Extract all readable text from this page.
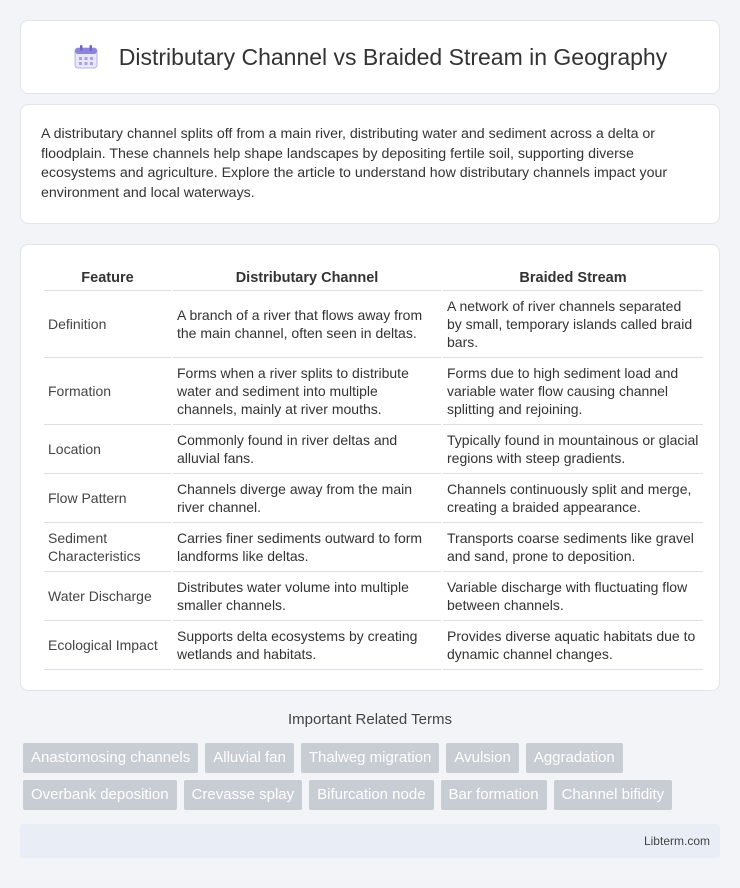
Distributary Channel vs Braided Stream in Geography

A distributary channel splits off from a main river, distributing water and sediment across a delta or floodplain. These channels help shape landscapes by depositing fertile soil, supporting diverse ecosystems and agriculture. Explore the article to understand how distributary channels impact your environment and local waterways.

Feature	Distributary Channel	Braided Stream
Definition	A branch of a river that flows away from the main channel, often seen in deltas.	A network of river channels separated by small, temporary islands called braid bars.
Formation	Forms when a river splits to distribute water and sediment into multiple channels, mainly at river mouths.	Forms due to high sediment load and variable water flow causing channel splitting and rejoining.
Location	Commonly found in river deltas and alluvial fans.	Typically found in mountainous or glacial regions with steep gradients.
Flow Pattern	Channels diverge away from the main river channel.	Channels continuously split and merge, creating a braided appearance.
Sediment Characteristics	Carries finer sediments outward to form landforms like deltas.	Transports coarse sediments like gravel and sand, prone to deposition.
Water Discharge	Distributes water volume into multiple smaller channels.	Variable discharge with fluctuating flow between channels.
Ecological Impact	Supports delta ecosystems by creating wetlands and habitats.	Provides diverse aquatic habitats due to dynamic channel changes.
Important Related Terms
Anastomosing channels	Alluvial fan	Thalweg migration	Avulsion	Aggradation
Overbank deposition	Crevasse splay	Bifurcation node	Bar formation	Channel bifidity
Libterm.com
